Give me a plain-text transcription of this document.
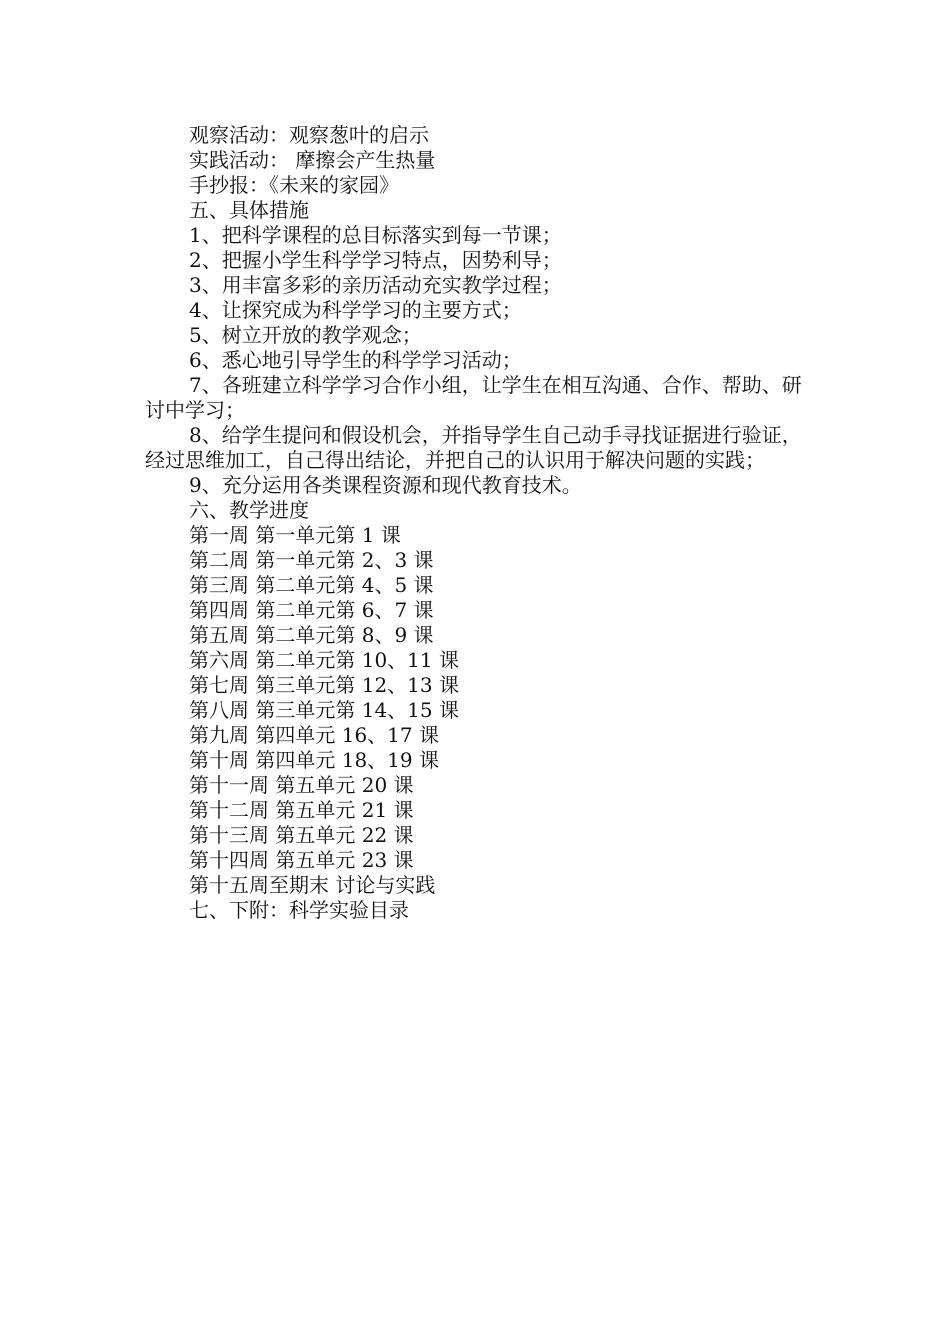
观察活动：观察葱叶的启示

实践活动： 摩擦会产生热量

手抄报：《未来的家园》

五、具体措施

1、把科学课程的总目标落实到每一节课；

2、把握小学生科学学习特点，因势利导；

3、用丰富多彩的亲历活动充实教学过程；

4、让探究成为科学学习的主要方式；

5、树立开放的教学观念；

6、悉心地引导学生的科学学习活动；

7、各班建立科学学习合作小组，让学生在相互沟通、合作、帮助、研讨中学习；

8、给学生提问和假设机会，并指导学生自己动手寻找证据进行验证，经过思维加工，自己得出结论，并把自己的认识用于解决问题的实践；

9、充分运用各类课程资源和现代教育技术。

六、教学进度

第一周 第一单元第 1 课

第二周 第一单元第 2、3 课

第三周 第二单元第 4、5 课

第四周 第二单元第 6、7 课

第五周 第二单元第 8、9 课

第六周 第二单元第 10、11 课

第七周 第三单元第 12、13 课

第八周 第三单元第 14、15 课

第九周 第四单元 16、17 课

第十周 第四单元 18、19 课

第十一周 第五单元 20 课

第十二周 第五单元 21 课

第十三周 第五单元 22 课

第十四周 第五单元 23 课

第十五周至期末 讨论与实践

七、下附：科学实验目录
